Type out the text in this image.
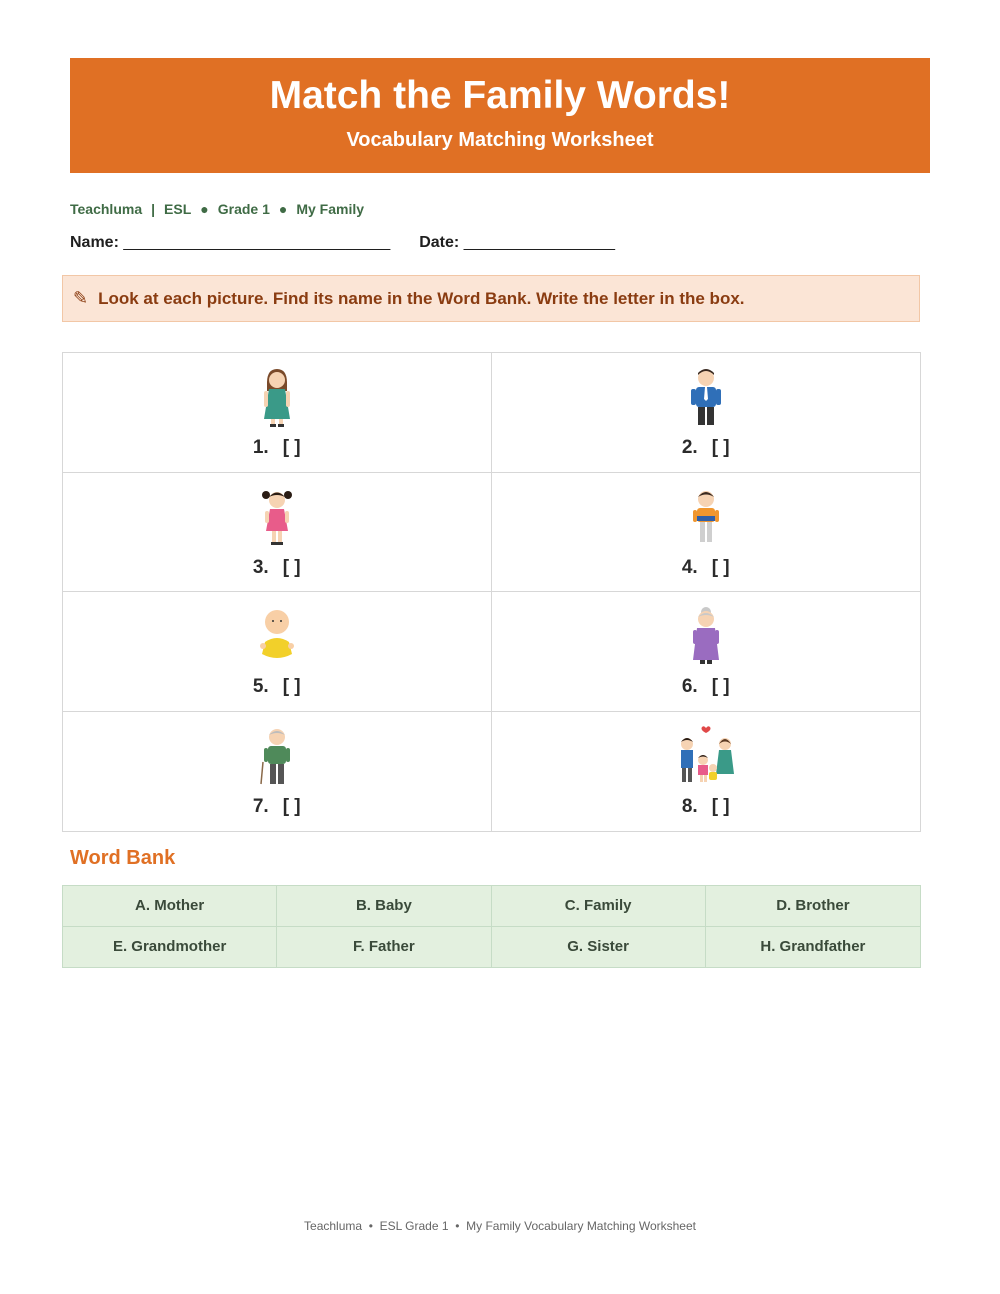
Match the Family Words!
Vocabulary Matching Worksheet
Teachluma | ESL ● Grade 1 ● My Family
Name: ______________________________ Date: _________________
✎ Look at each picture. Find its name in the Word Bank. Write the letter in the box.
1. [ ]	2. [ ]
3. [ ]	4. [ ]
5. [ ]	6. [ ]
7. [ ]	8. [ ]
Word Bank
A. Mother	B. Baby	C. Family	D. Brother
E. Grandmother	F. Father	G. Sister	H. Grandfather
Teachluma  •  ESL Grade 1  •  My Family Vocabulary Matching Worksheet
